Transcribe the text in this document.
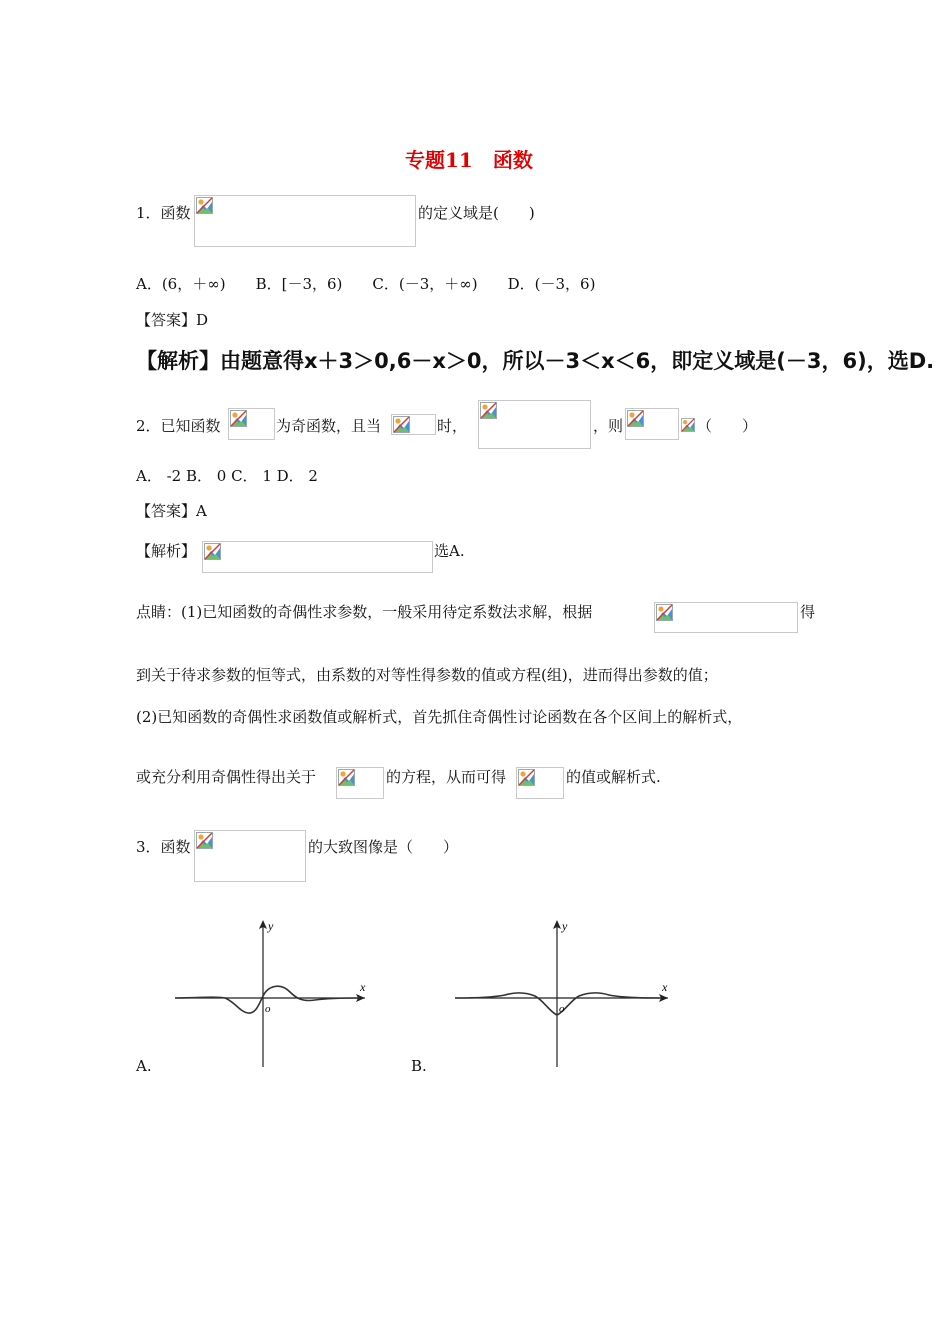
专题11　函数
1．函数	的定义域是(　　)
A．(6，＋∞)　　B．[－3，6)　　C．(－3，＋∞)　　D．(－3，6)
【答案】D
【解析】由题意得x＋3＞0,6－x＞0，所以－3＜x＜6，即定义域是(－3，6)，选D.
2．已知函数	为奇函数，且当	时，	，则	（　　）
A． -2 B． 0 C． 1 D． 2
【答案】A
【解析】	选A.
点睛：(1)已知函数的奇偶性求参数，一般采用待定系数法求解，根据	得
到关于待求参数的恒等式，由系数的对等性得参数的值或方程(组)，进而得出参数的值；
(2)已知函数的奇偶性求函数值或解析式，首先抓住奇偶性讨论函数在各个区间上的解析式，
或充分利用奇偶性得出关于	的方程，从而可得	的值或解析式.
3．函数	的大致图像是（　　）
o
x
y
A.
o
x
y
B.
